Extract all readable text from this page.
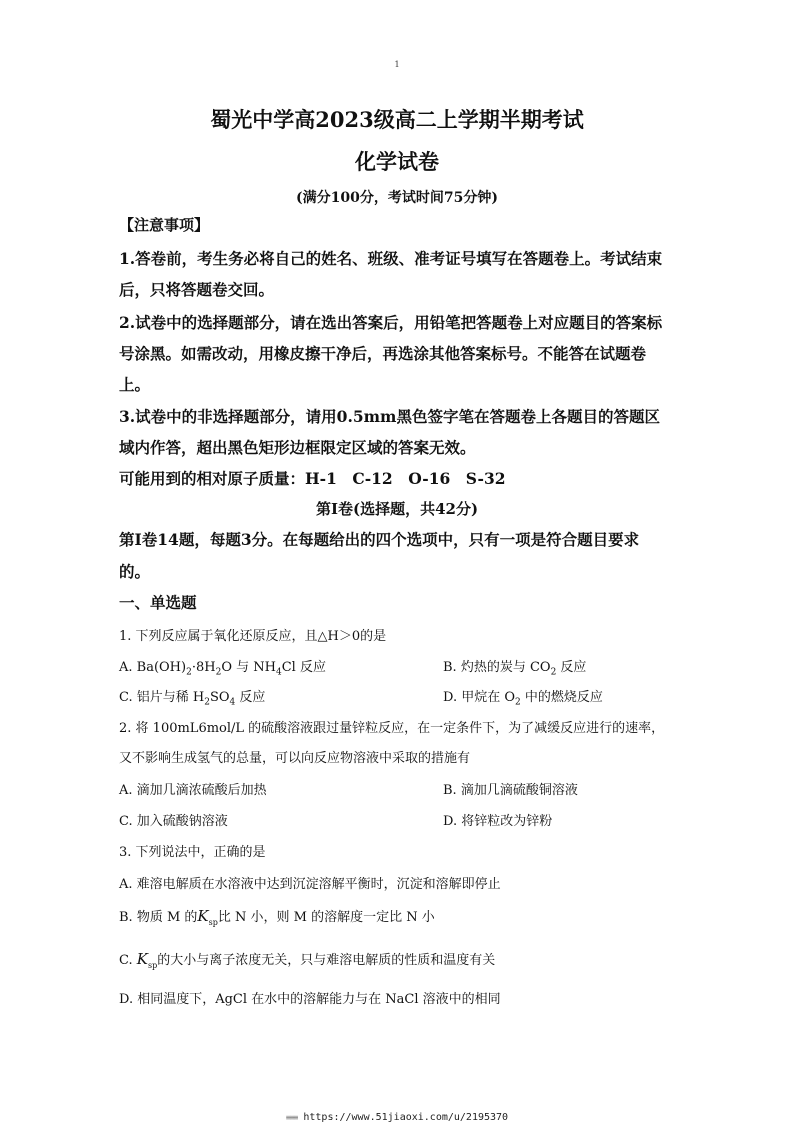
1
蜀光中学高2023级高二上学期半期考试
化学试卷
(满分100分，考试时间75分钟)
【注意事项】
1.答卷前，考生务必将自己的姓名、班级、准考证号填写在答题卷上。考试结束
后，只将答题卷交回。
2.试卷中的选择题部分，请在选出答案后，用铅笔把答题卷上对应题目的答案标
号涂黑。如需改动，用橡皮擦干净后，再选涂其他答案标号。不能答在试题卷
上。
3.试卷中的非选择题部分，请用0.5mm黑色签字笔在答题卷上各题目的答题区
域内作答，超出黑色矩形边框限定区域的答案无效。
可能用到的相对原子质量：H-1　C-12　O-16　S-32
第Ⅰ卷(选择题，共42分)
第Ⅰ卷14题，每题3分。在每题给出的四个选项中，只有一项是符合题目要求
的。
一、单选题
1. 下列反应属于氧化还原反应，且△H＞0的是
A. $Ba(OH)_2\cdot 8H_2O$ 与 $NH_4Cl$ 反应	B. 灼热的炭与 $CO_2$ 反应
C. 铝片与稀 $H_2SO_4$ 反应	D. 甲烷在 $O_2$ 中的燃烧反应
2. 将 100mL6mol/L 的硫酸溶液跟过量锌粒反应，在一定条件下，为了减缓反应进行的速率，
又不影响生成氢气的总量，可以向反应物溶液中采取的措施有
A. 滴加几滴浓硫酸后加热	B. 滴加几滴硫酸铜溶液
C. 加入硫酸钠溶液	D. 将锌粒改为锌粉
3. 下列说法中，正确的是
A. 难溶电解质在水溶液中达到沉淀溶解平衡时，沉淀和溶解即停止
B. 物质 M 的$K_{sp}$比 N 小，则 M 的溶解度一定比 N 小
C. $K_{sp}$的大小与离子浓度无关，只与难溶电解质的性质和温度有关
D. 相同温度下，AgCl 在水中的溶解能力与在 NaCl 溶液中的相同
≡≡≡ https://www.51jiaoxi.com/u/2195370
